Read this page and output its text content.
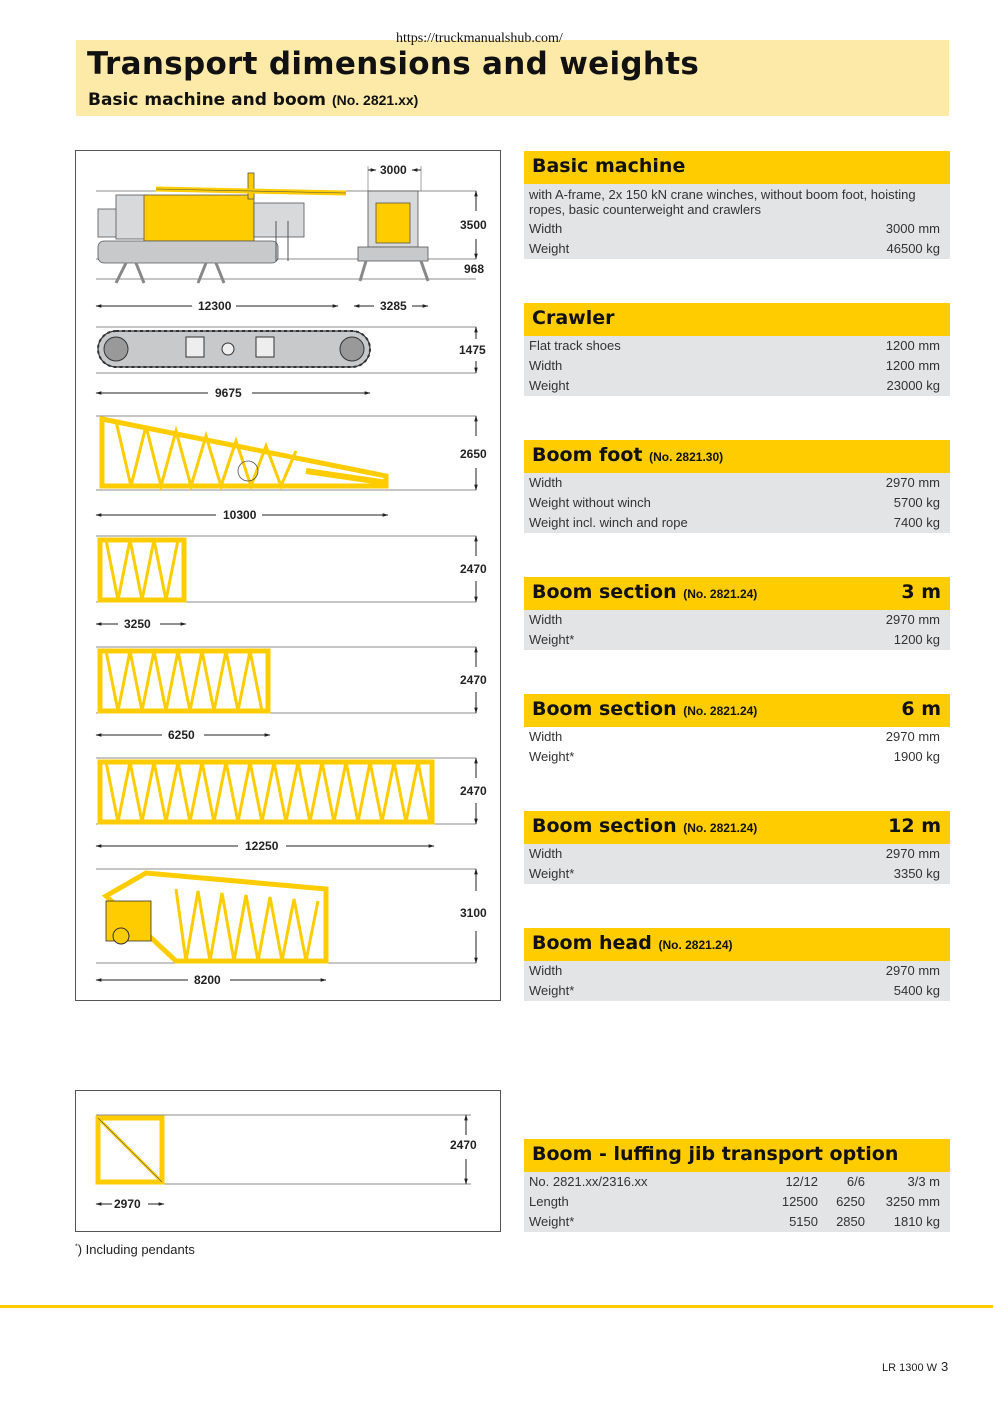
https://truckmanualshub.com/
Transport dimensions and weights
Basic machine and boom (No. 2821.xx)
3000
3500
968
12300	3285
1475
9675
2650
10300
2470
3250
2470
6250
2470
12250
3100
8200
2470
2970
Basic machine
with A-frame, 2x 150 kN crane winches, without boom foot, hoisting ropes, basic counterweight and crawlers
Width	3000 mm
Weight	46500 kg
Crawler
Flat track shoes	1200 mm
Width	1200 mm
Weight	23000 kg
Boom foot (No. 2821.30)
Width	2970 mm
Weight without winch	5700 kg
Weight incl. winch and rope	7400 kg
Boom section (No. 2821.24)	3 m
Width	2970 mm
Weight*	1200 kg
Boom section (No. 2821.24)	6 m
Width	2970 mm
Weight*	1900 kg
Boom section (No. 2821.24)	12 m
Width	2970 mm
Weight*	3350 kg
Boom head (No. 2821.24)
Width	2970 mm
Weight*	5400 kg
Boom - luffing jib transport option
No. 2821.xx/2316.xx	12/12 6/6	3/3 m
Length	12500 6250 3250 mm
Weight*	5150 2850 1810 kg
*) Including pendants
LR 1300 W 3
